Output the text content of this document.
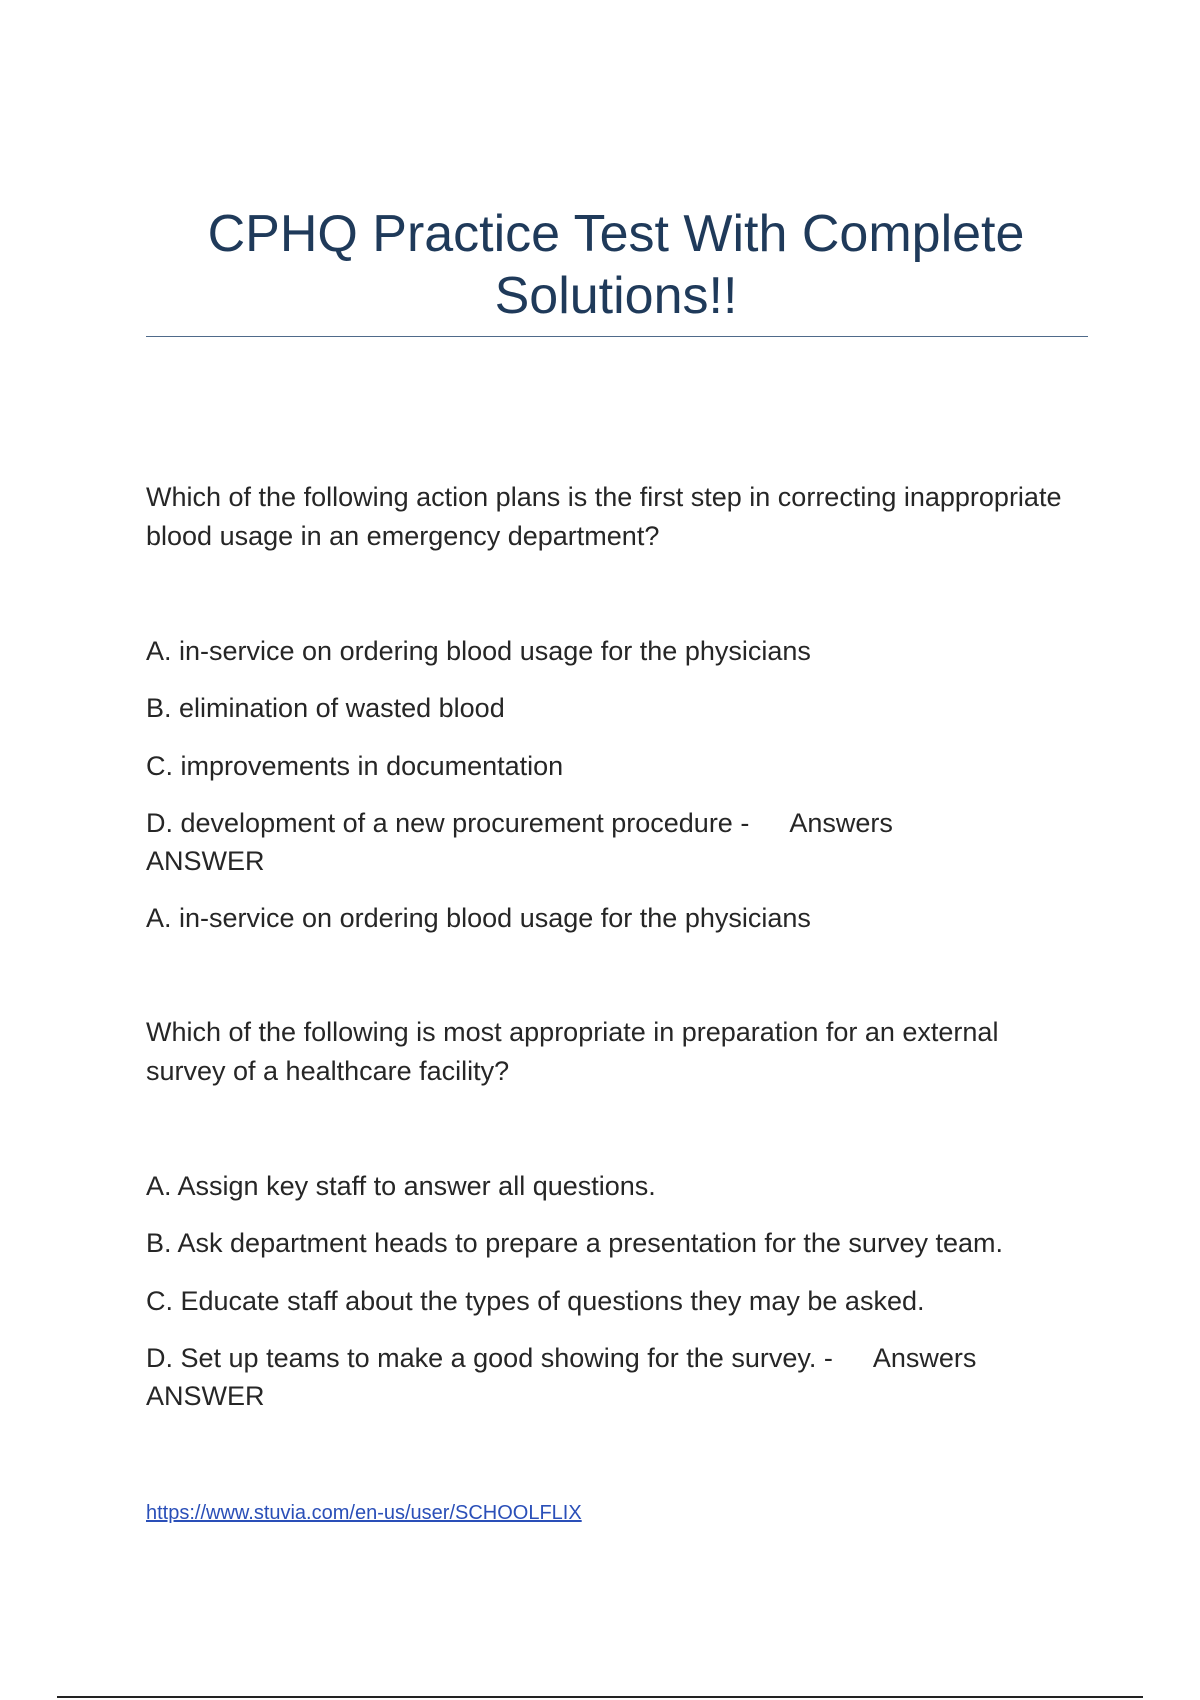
CPHQ Practice Test With Complete
Solutions!!

Which of the following action plans is the first step in correcting inappropriate blood usage in an emergency department?

A. in-service on ordering blood usage for the physicians

B. elimination of wasted blood

C. improvements in documentation

D. development of a new procurement procedure - Answers

ANSWER

A. in-service on ordering blood usage for the physicians

Which of the following is most appropriate in preparation for an external survey of a healthcare facility?

A. Assign key staff to answer all questions.

B. Ask department heads to prepare a presentation for the survey team.

C. Educate staff about the types of questions they may be asked.

D. Set up teams to make a good showing for the survey. - Answers

ANSWER

https://www.stuvia.com/en-us/user/SCHOOLFLIX
